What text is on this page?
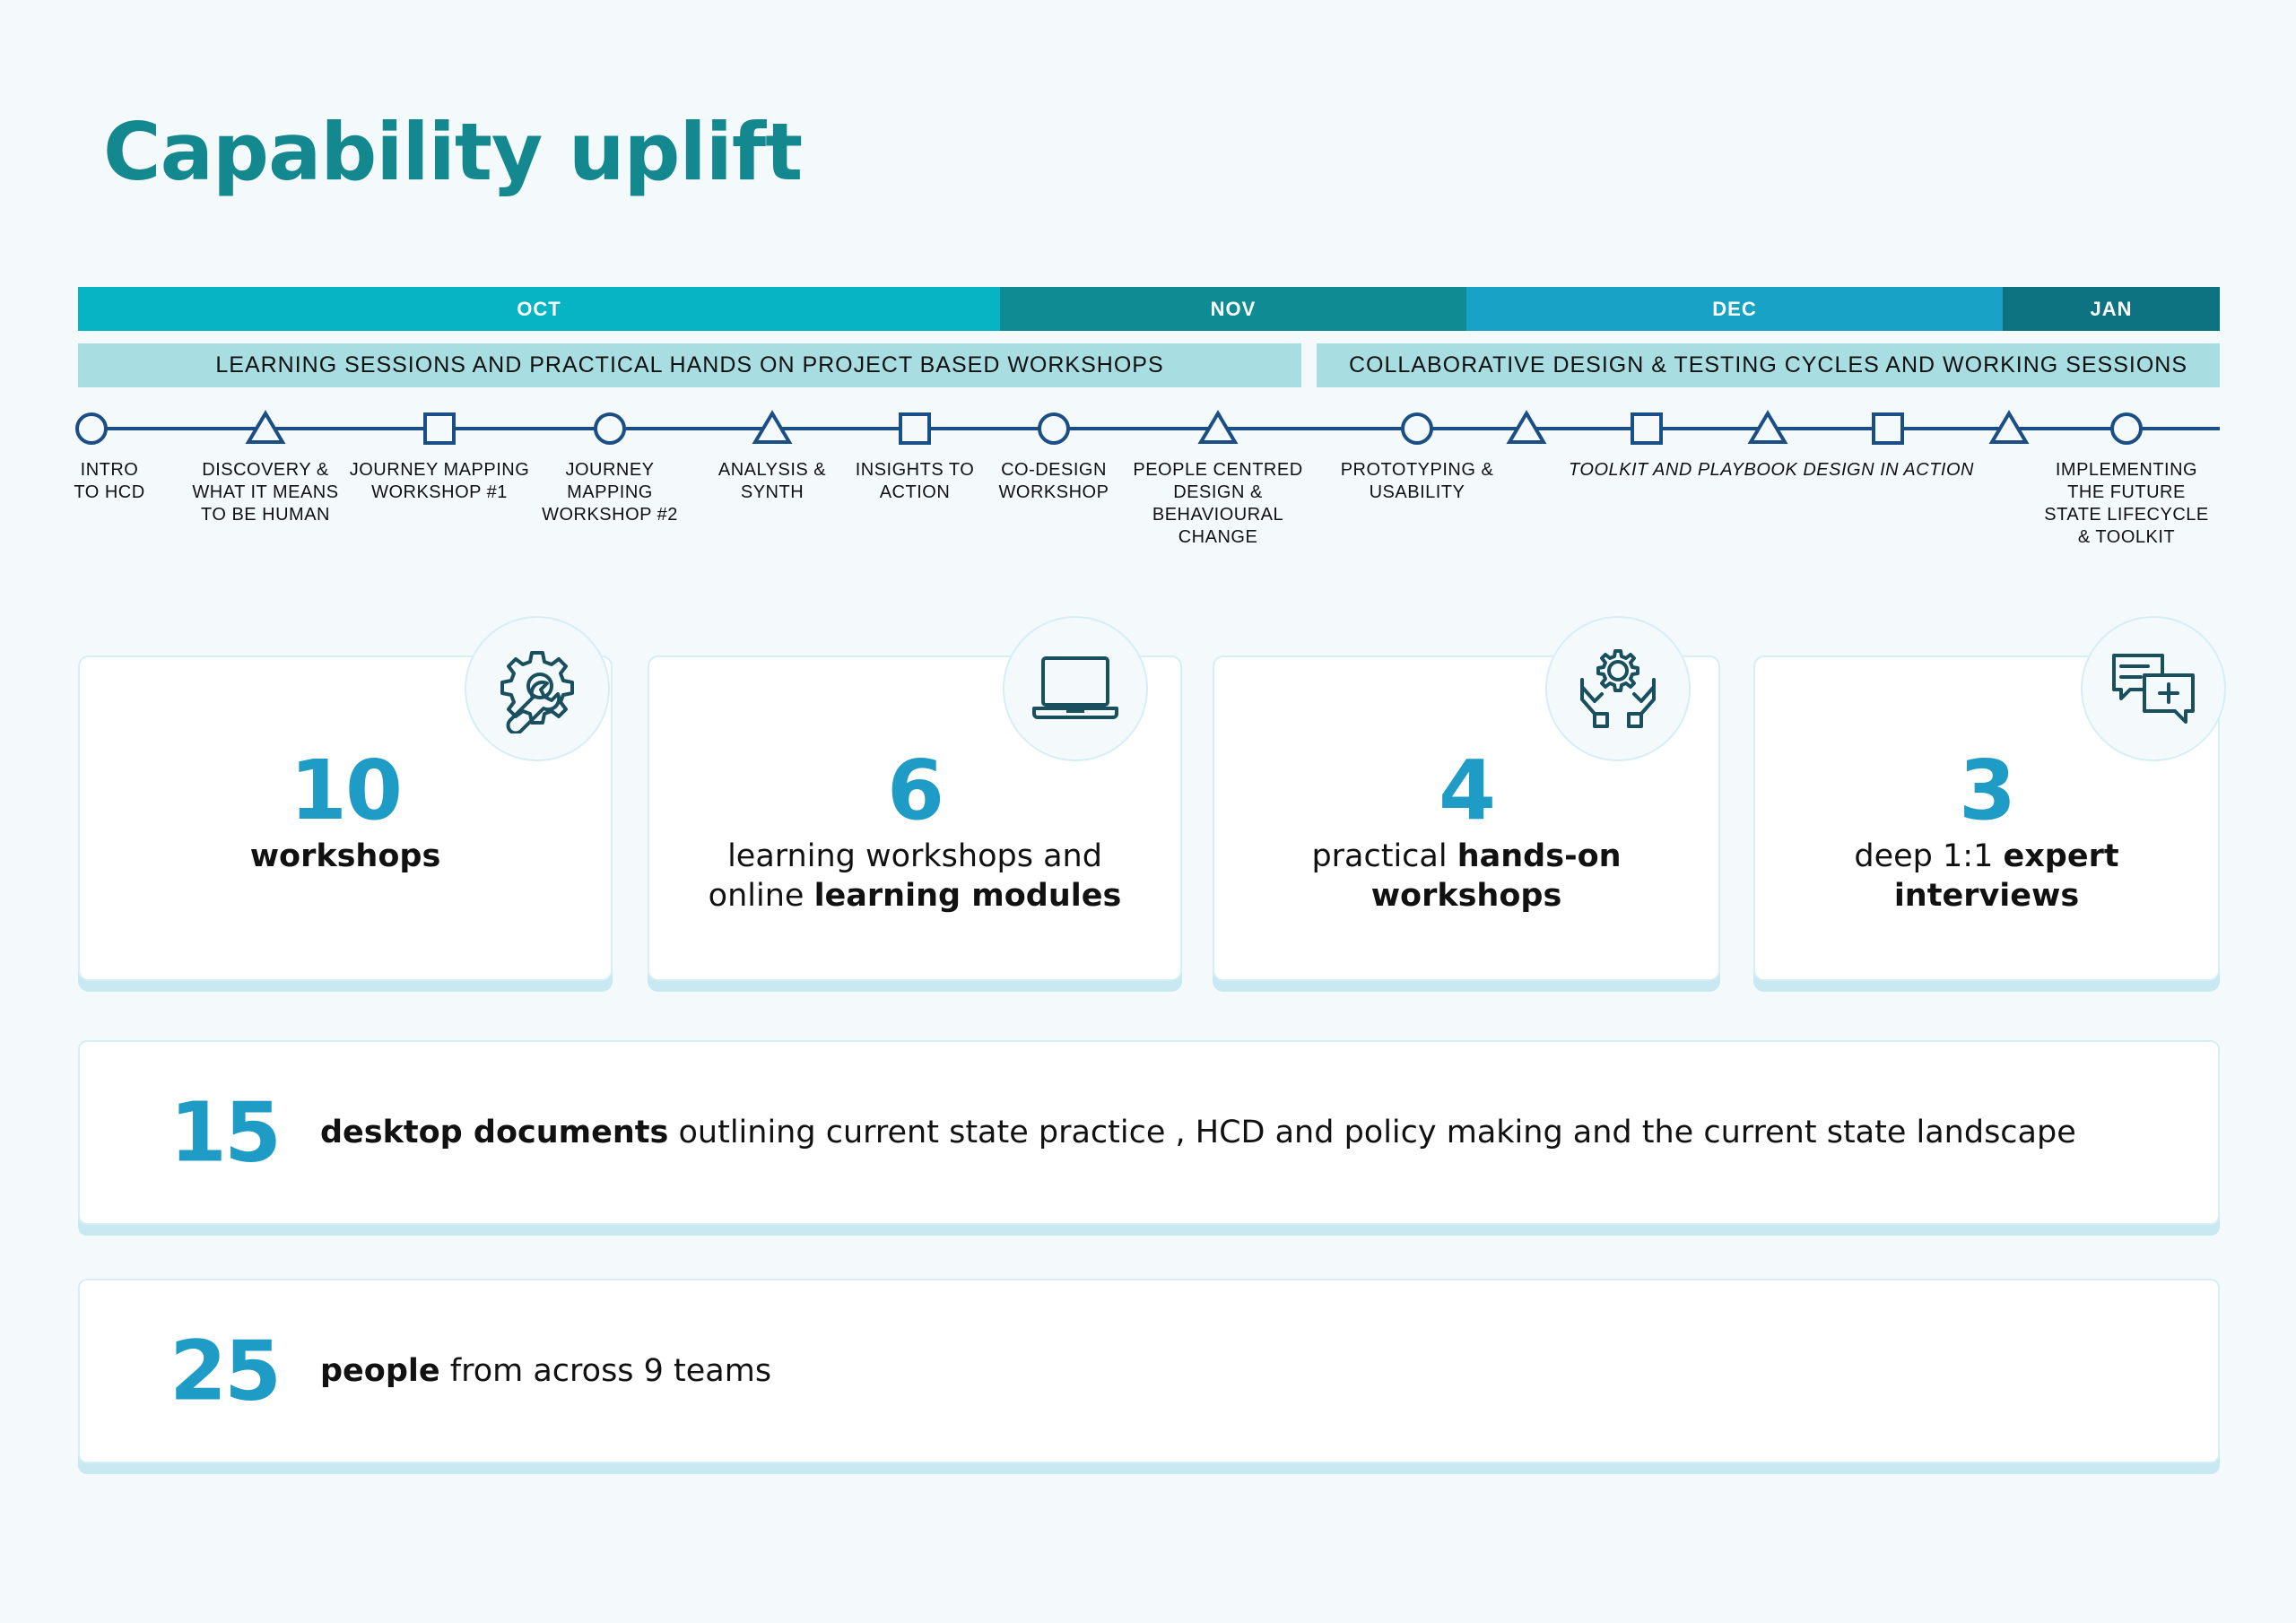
Capability uplift
OCT	NOV	DEC	JAN
LEARNING SESSIONS AND PRACTICAL HANDS ON PROJECT BASED WORKSHOPS	COLLABORATIVE DESIGN & TESTING CYCLES AND WORKING SESSIONS
INTRO
TO HCD
DISCOVERY &
WHAT IT MEANS
TO BE HUMAN
JOURNEY MAPPING
WORKSHOP #1
JOURNEY
MAPPING
WORKSHOP #2
ANALYSIS &
SYNTH
INSIGHTS TO
ACTION
CO-DESIGN
WORKSHOP
PEOPLE CENTRED
DESIGN &
BEHAVIOURAL
CHANGE
PROTOTYPING &
USABILITY
IMPLEMENTING
THE FUTURE
STATE LIFECYCLE
& TOOLKIT
TOOLKIT AND PLAYBOOK DESIGN IN ACTION
10
workshops
6
learning workshops and
online learning modules
4
practical hands-on
workshops
3
deep 1:1 expert
interviews
15 desktop documents outlining current state practice , HCD and policy making and the current state landscape
25 people from across 9 teams
